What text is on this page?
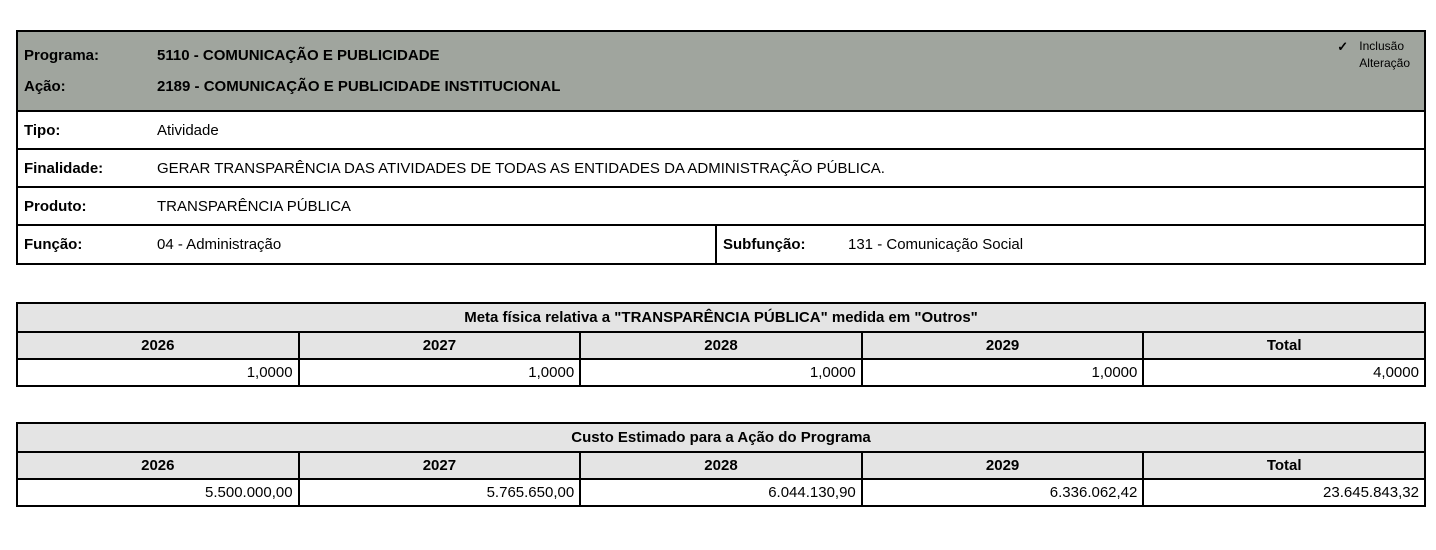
Programa:	5110 - COMUNICAÇÃO E PUBLICIDADE
Ação:	2189 - COMUNICAÇÃO E PUBLICIDADE INSTITUCIONAL
✓ Inclusão
Alteração
Tipo:	Atividade
Finalidade:	GERAR TRANSPARÊNCIA DAS ATIVIDADES DE TODAS AS ENTIDADES DA ADMINISTRAÇÃO PÚBLICA.
Produto:	TRANSPARÊNCIA PÚBLICA
Função:	04 - Administração	Subfunção:	131 - Comunicação Social
Meta física relativa a "TRANSPARÊNCIA PÚBLICA" medida em "Outros"
2026	2027	2028	2029	Total
1,0000	1,0000	1,0000	1,0000	4,0000
Custo Estimado para a Ação do Programa
2026	2027	2028	2029	Total
5.500.000,00	5.765.650,00	6.044.130,90	6.336.062,42	23.645.843,32
